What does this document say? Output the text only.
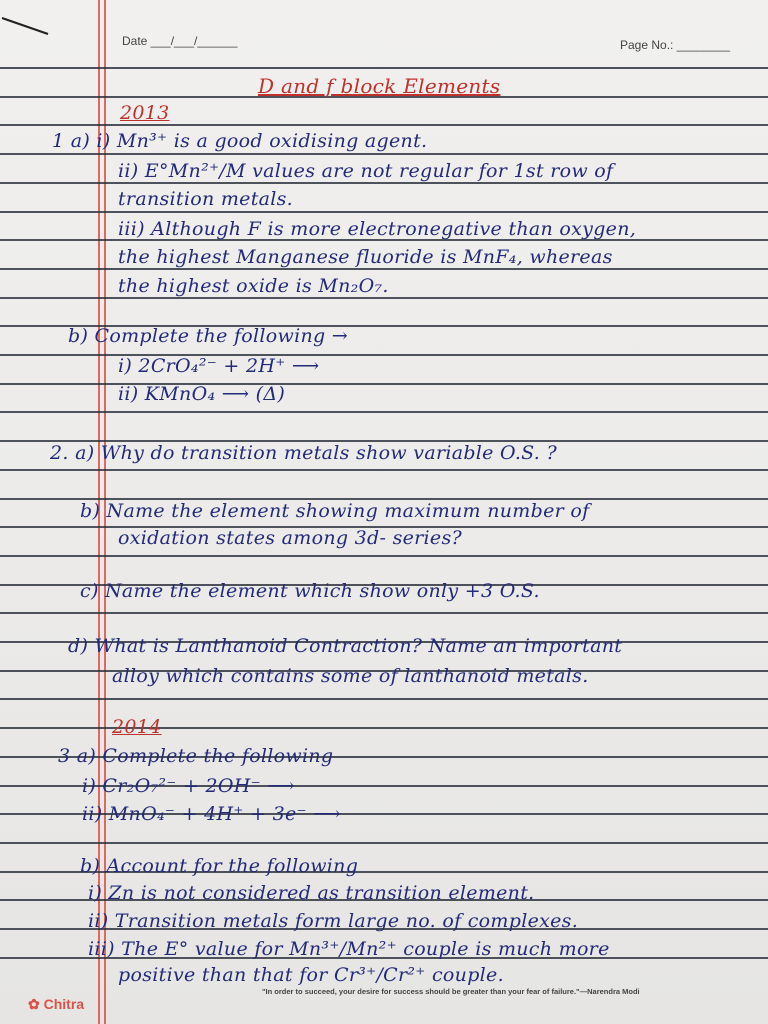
Date ___/___/______	Page No.: ________
D and f block Elements
2013
1 a) i) Mn³⁺ is a good oxidising agent.
ii) E°Mn²⁺/M values are not regular for 1st row of
transition metals.
iii) Although F is more electronegative than oxygen,
the highest Manganese fluoride is MnF₄, whereas
the highest oxide is Mn₂O₇.
b) Complete the following →
i) 2CrO₄²⁻ + 2H⁺ ⟶
ii) KMnO₄ ⟶ (Δ)
2. a) Why do transition metals show variable O.S. ?
b) Name the element showing maximum number of
oxidation states among 3d- series?
c) Name the element which show only +3 O.S.
d) What is Lanthanoid Contraction? Name an important
alloy which contains some of lanthanoid metals.
2014
3 a) Complete the following
i) Cr₂O₇²⁻ + 2OH⁻ ⟶
ii) MnO₄⁻ + 4H⁺ + 3e⁻ ⟶
b) Account for the following
i) Zn is not considered as transition element.
ii) Transition metals form large no. of complexes.
iii) The E° value for Mn³⁺/Mn²⁺ couple is much more
positive than that for Cr³⁺/Cr²⁺ couple.
✿ Chitra
"In order to succeed, your desire for success should be greater than your fear of failure."—Narendra Modi
